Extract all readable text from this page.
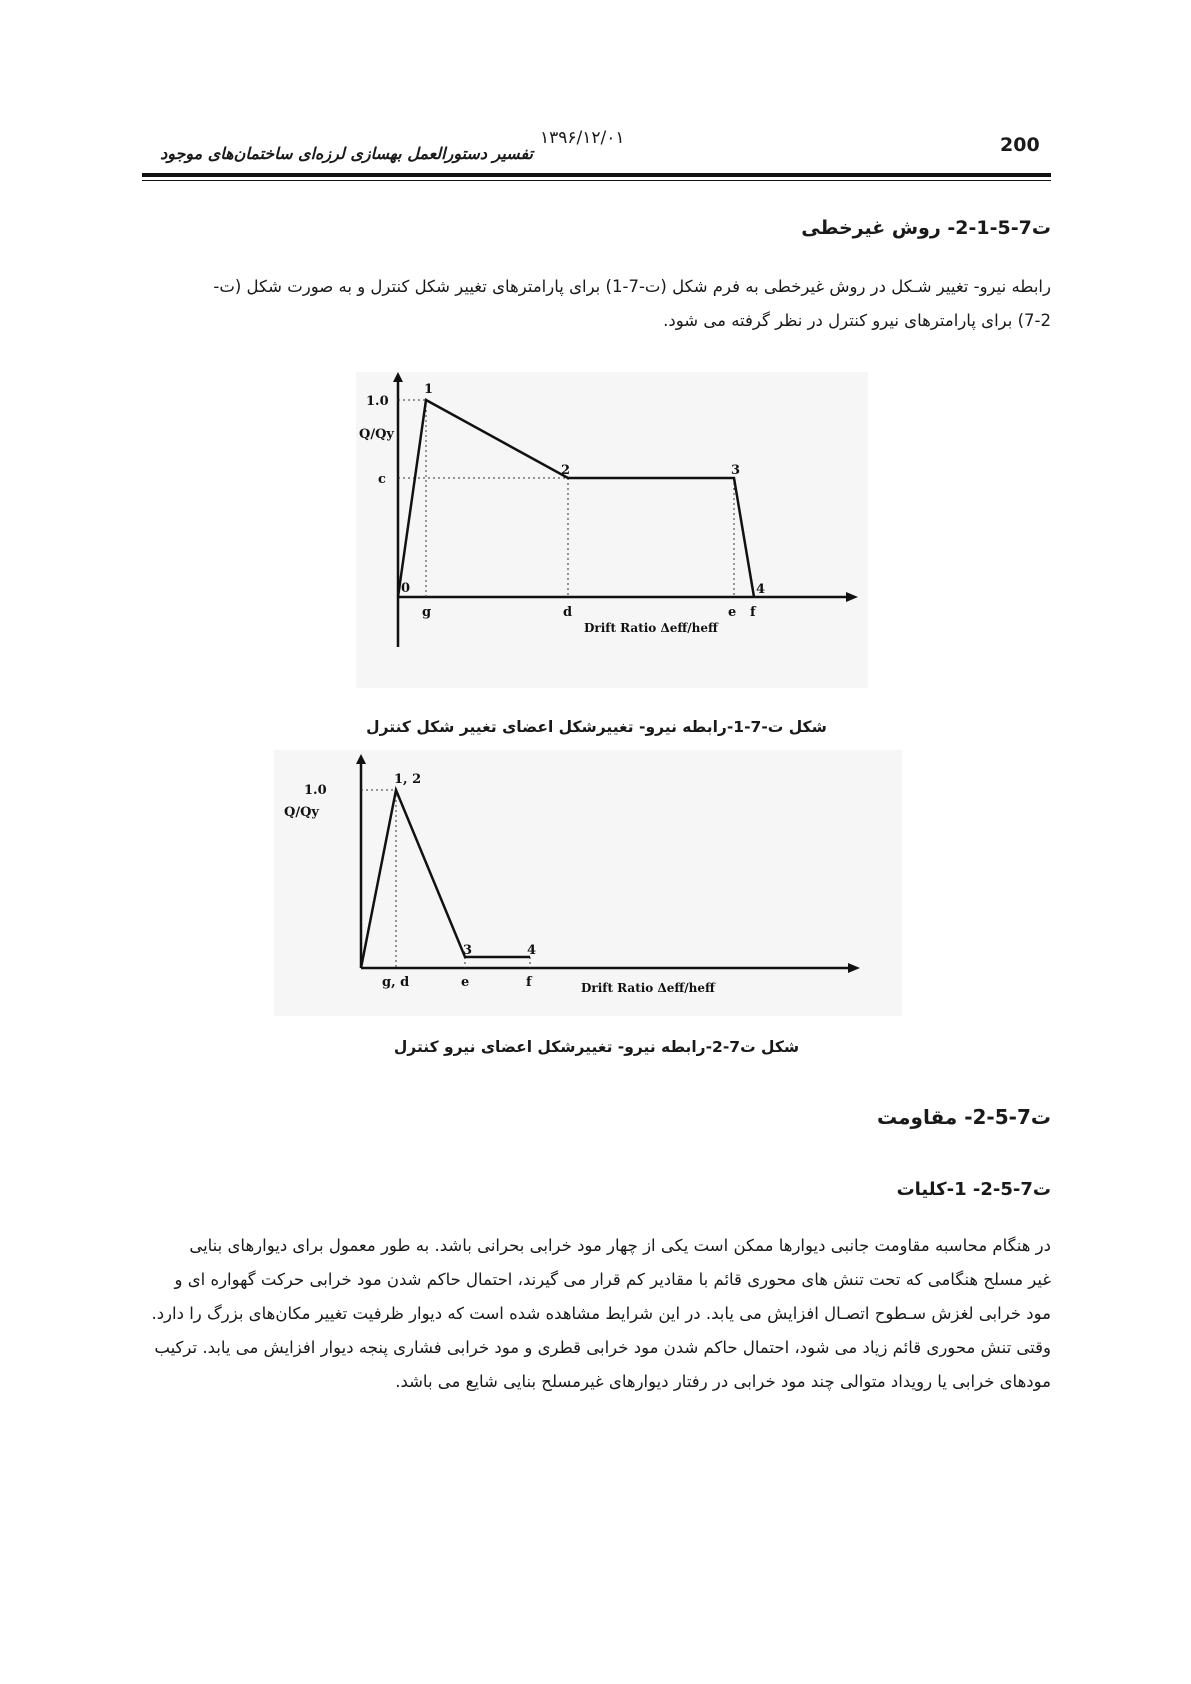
200
۱۳۹۶/۱۲/۰۱
تفسیر دستورالعمل بهسازی لرزه‌ای ساختمان‌های موجود
ت7-5-1-2- روش غیرخطی

رابطه نیرو- تغییر شـکل در روش غیرخطی به فرم شکل (ت-7-1) برای پارامترهای تغییر شکل کنترل و به صورت شکل (ت-
7-2) برای پارامترهای نیرو کنترل در نظر گرفته می شود.

1.0
c
Q/Qy
0
1
2	3
4
g	d	e f
Drift Ratio Δeff/heff
شکل ت-7-1-رابطه نیرو- تغییرشکل اعضای تغییر شکل کنترل
1.0
Q/Qy
1, 2
3	4
g, d	e	f	Drift Ratio Δeff/heff
شکل ت7-2-رابطه نیرو- تغییرشکل اعضای نیرو کنترل
ت7-5-2- مقاومت
ت7-5-2- 1-کلیات

در هنگام محاسبه مقاومت جانبی دیوارها ممکن است یکی از چهار مود خرابی بحرانی باشد. به طور معمول برای دیوارهای بنایی
غیر مسلح هنگامی که تحت تنش های محوری قائم با مقادیر کم قرار می گیرند، احتمال حاکم شدن مود خرابی حرکت گهواره ای و
مود خرابی لغزش سـطوح اتصـال افزایش می یابد. در این شرایط مشاهده شده است که دیوار ظرفیت تغییر مکان‌های بزرگ را دارد.
وقتی تنش محوری قائم زیاد می شود، احتمال حاکم شدن مود خرابی قطری و مود خرابی فشاری پنجه دیوار افزایش می یابد. ترکیب
مودهای خرابی یا رویداد متوالی چند مود خرابی در رفتار دیوارهای غیرمسلح بنایی شایع می باشد.
